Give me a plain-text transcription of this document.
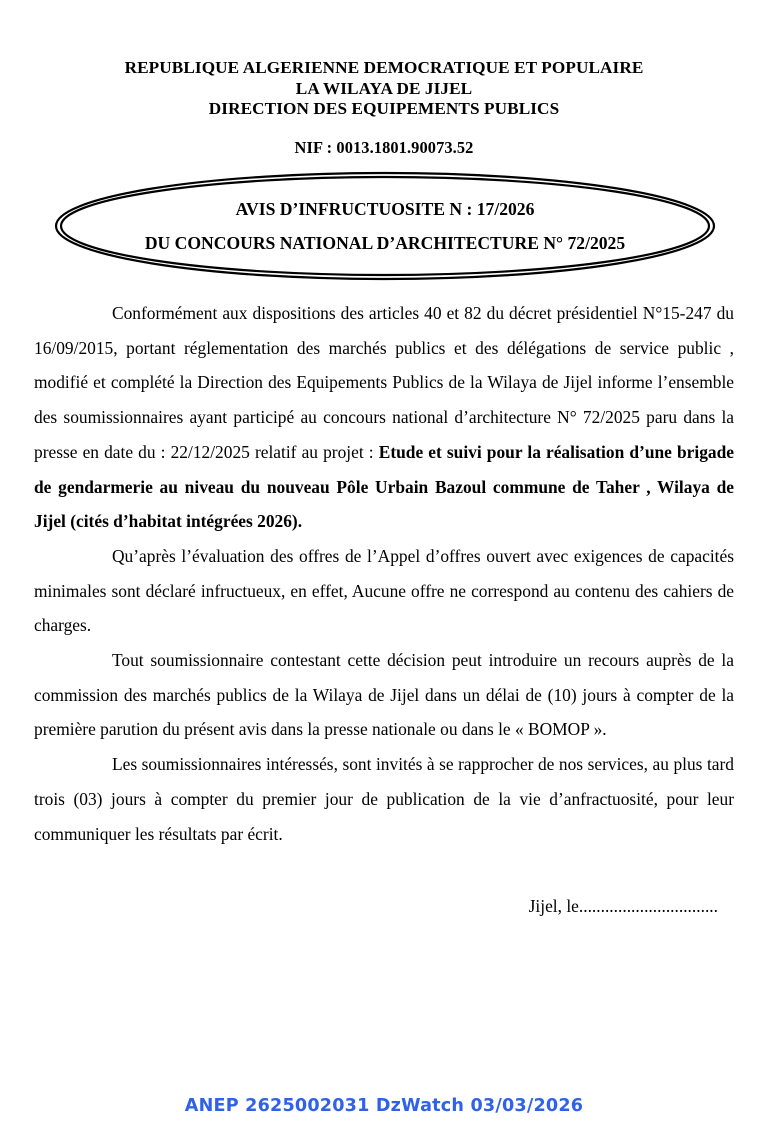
REPUBLIQUE ALGERIENNE DEMOCRATIQUE ET POPULAIRE
LA WILAYA DE JIJEL
DIRECTION DES EQUIPEMENTS PUBLICS
NIF : 0013.1801.90073.52
AVIS D’INFRUCTUOSITE N : 17/2026
DU CONCOURS NATIONAL D’ARCHITECTURE N° 72/2025

Conformément aux dispositions des articles 40 et 82 du décret présidentiel N°15-247 du 16/09/2015, portant réglementation des marchés publics et des délégations de service public , modifié et complété la Direction des Equipements Publics de la Wilaya de Jijel informe l’ensemble des soumissionnaires ayant participé au concours national d’architecture N° 72/2025 paru dans la presse en date du : 22/12/2025 relatif au projet : Etude et suivi pour la réalisation d’une brigade de gendarmerie au niveau du nouveau Pôle Urbain Bazoul commune de Taher , Wilaya de Jijel (cités d’habitat intégrées 2026).

Qu’après l’évaluation des offres de l’Appel d’offres ouvert avec exigences de capacités minimales sont déclaré infructueux, en effet, Aucune offre ne correspond au contenu des cahiers de charges.

Tout soumissionnaire contestant cette décision peut introduire un recours auprès de la commission des marchés publics de la Wilaya de Jijel dans un délai de (10) jours à compter de la première parution du présent avis dans la presse nationale ou dans le « BOMOP ».

Les soumissionnaires intéressés, sont invités à se rapprocher de nos services, au plus tard trois (03) jours à compter du premier jour de publication de la vie d’anfractuosité, pour leur communiquer les résultats par écrit.

Jijel, le................................
ANEP 2625002031 DzWatch 03/03/2026
